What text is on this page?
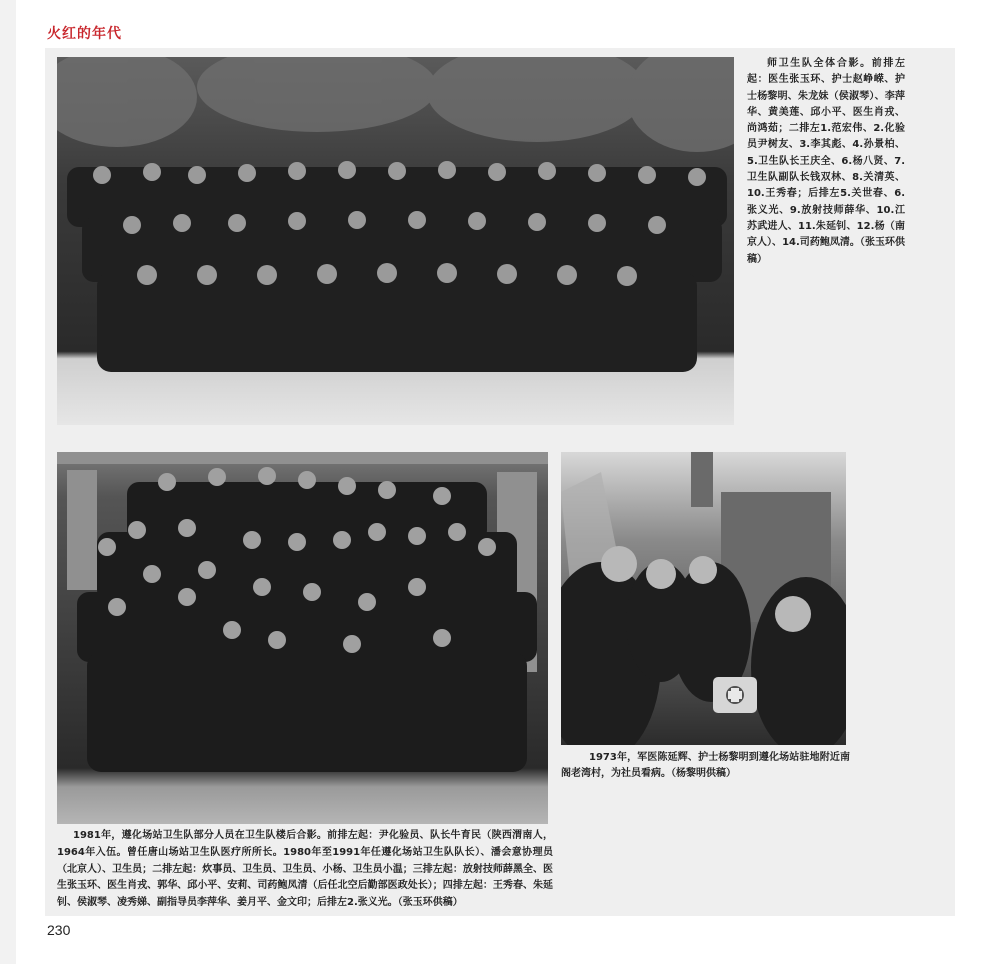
火红的年代
师卫生队全体合影。前排左起：医生张玉环、护士赵峥嵘、护士杨黎明、朱龙妹（侯淑琴）、李萍华、黄美莲、邱小平、医生肖戎、尚鸿茹；二排左1.范宏伟、2.化验员尹树友、3.李其彪、4.孙景柏、5.卫生队长王庆全、6.杨八贤、7.卫生队副队长钱双林、8.关清英、10.王秀春；后排左5.关世春、6.张义光、9.放射技师薛华、10.江苏武进人、11.朱延钊、12.杨（南京人）、14.司药鲍凤清。（张玉环供稿）
1981年，遵化场站卫生队部分人员在卫生队楼后合影。前排左起：尹化验员、队长牛育民（陕西渭南人，1964年入伍。曾任唐山场站卫生队医疗所所长。1980年至1991年任遵化场站卫生队队长）、潘会意协理员（北京人）、卫生员；二排左起：炊事员、卫生员、卫生员、小杨、卫生员小温；三排左起：放射技师薛黑全、医生张玉环、医生肖戎、郭华、邱小平、安莉、司药鲍凤清（后任北空后勤部医政处长）；四排左起：王秀春、朱延钊、侯淑琴、凌秀娣、副指导员李萍华、姜月平、金文印；后排左2.张义光。（张玉环供稿）
1973年，军医陈延辉、护士杨黎明到遵化场站驻地附近南阁老湾村，为社员看病。（杨黎明供稿）
230
